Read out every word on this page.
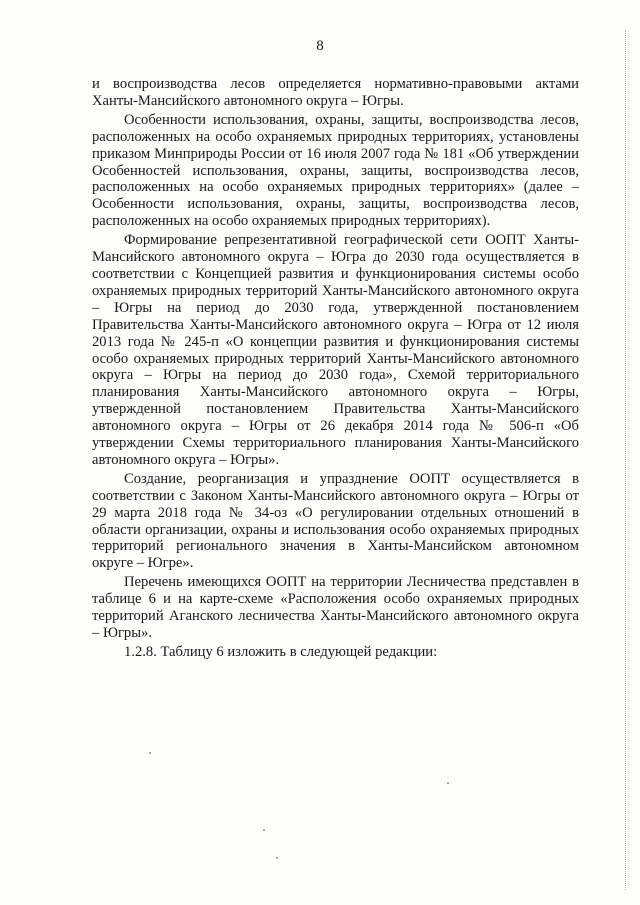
8

и воспроизводства лесов определяется нормативно-правовыми актами Ханты-Мансийского автономного округа – Югры.

Особенности использования, охраны, защиты, воспроизводства лесов, расположенных на особо охраняемых природных территориях, установлены приказом Минприроды России от 16 июля 2007 года № 181 «Об утверждении Особенностей использования, охраны, защиты, воспроизводства лесов, расположенных на особо охраняемых природных территориях» (далее – Особенности использования, охраны, защиты, воспроизводства лесов, расположенных на особо охраняемых природных территориях).

Формирование репрезентативной географической сети ООПТ Ханты-Мансийского автономного округа – Югра до 2030 года осуществляется в соответствии с Концепцией развития и функционирования системы особо охраняемых природных территорий Ханты-Мансийского автономного округа – Югры на период до 2030 года, утвержденной постановлением Правительства Ханты-Мансийского автономного округа – Югра от 12 июля 2013 года № 245-п «О концепции развития и функционирования системы особо охраняемых природных территорий Ханты-Мансийского автономного округа – Югры на период до 2030 года», Схемой территориального планирования Ханты-Мансийского автономного округа – Югры, утвержденной постановлением Правительства Ханты-Мансийского автономного округа – Югры от 26 декабря 2014 года № 506-п «Об утверждении Схемы территориального планирования Ханты-Мансийского автономного округа – Югры».

Создание, реорганизация и упразднение ООПТ осуществляется в соответствии с Законом Ханты-Мансийского автономного округа – Югры от 29 марта 2018 года № 34-оз «О регулировании отдельных отношений в области организации, охраны и использования особо охраняемых природных территорий регионального значения в Ханты-Мансийском автономном округе – Югре».

Перечень имеющихся ООПТ на территории Лесничества представлен в таблице 6 и на карте-схеме «Расположения особо охраняемых природных территорий Аганского лесничества Ханты-Мансийского автономного округа – Югры».

1.2.8. Таблицу 6 изложить в следующей редакции:
